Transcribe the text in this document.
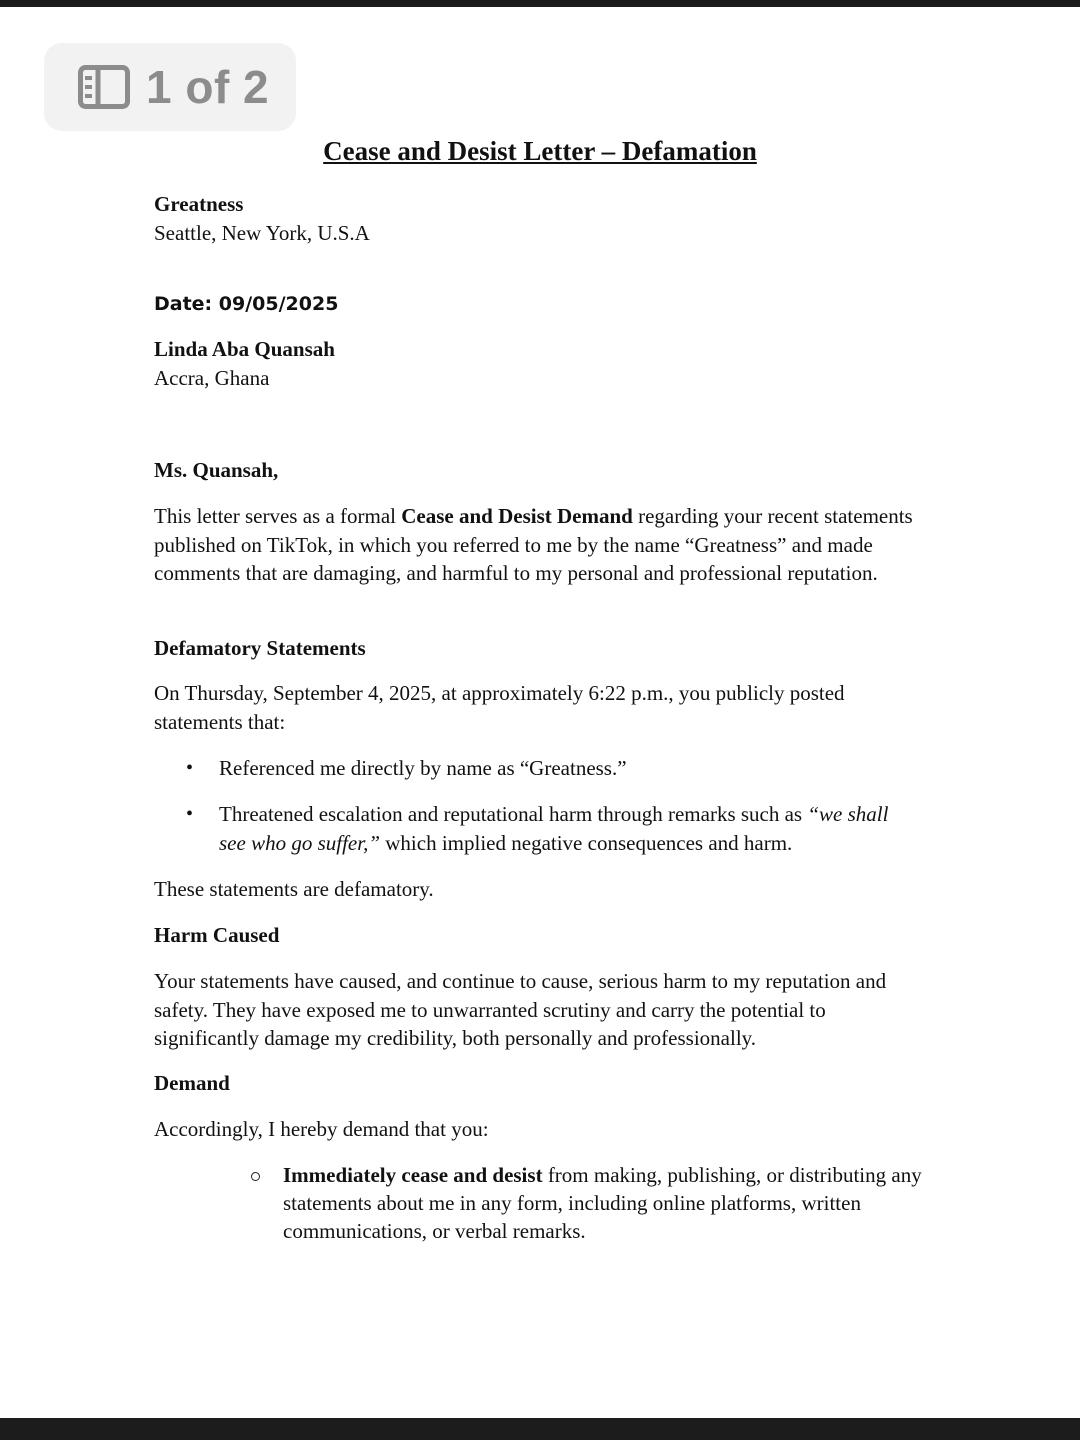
1 of 2
Cease and Desist Letter – Defamation
Greatness
Seattle, New York, U.S.A
Date: 09/05/2025
Linda Aba Quansah
Accra, Ghana
Ms. Quansah,
This letter serves as a formal Cease and Desist Demand regarding your recent statements published on TikTok, in which you referred to me by the name “Greatness” and made comments that are damaging, and harmful to my personal and professional reputation.
Defamatory Statements
On Thursday, September 4, 2025, at approximately 6:22 p.m., you publicly posted statements that:
• Referenced me directly by name as “Greatness.”
• Threatened escalation and reputational harm through remarks such as “we shall see who go suffer,” which implied negative consequences and harm.
These statements are defamatory.
Harm Caused
Your statements have caused, and continue to cause, serious harm to my reputation and safety. They have exposed me to unwarranted scrutiny and carry the potential to significantly damage my credibility, both personally and professionally.
Demand
Accordingly, I hereby demand that you:
Immediately cease and desist from making, publishing, or distributing any statements about me in any form, including online platforms, written communications, or verbal remarks.
